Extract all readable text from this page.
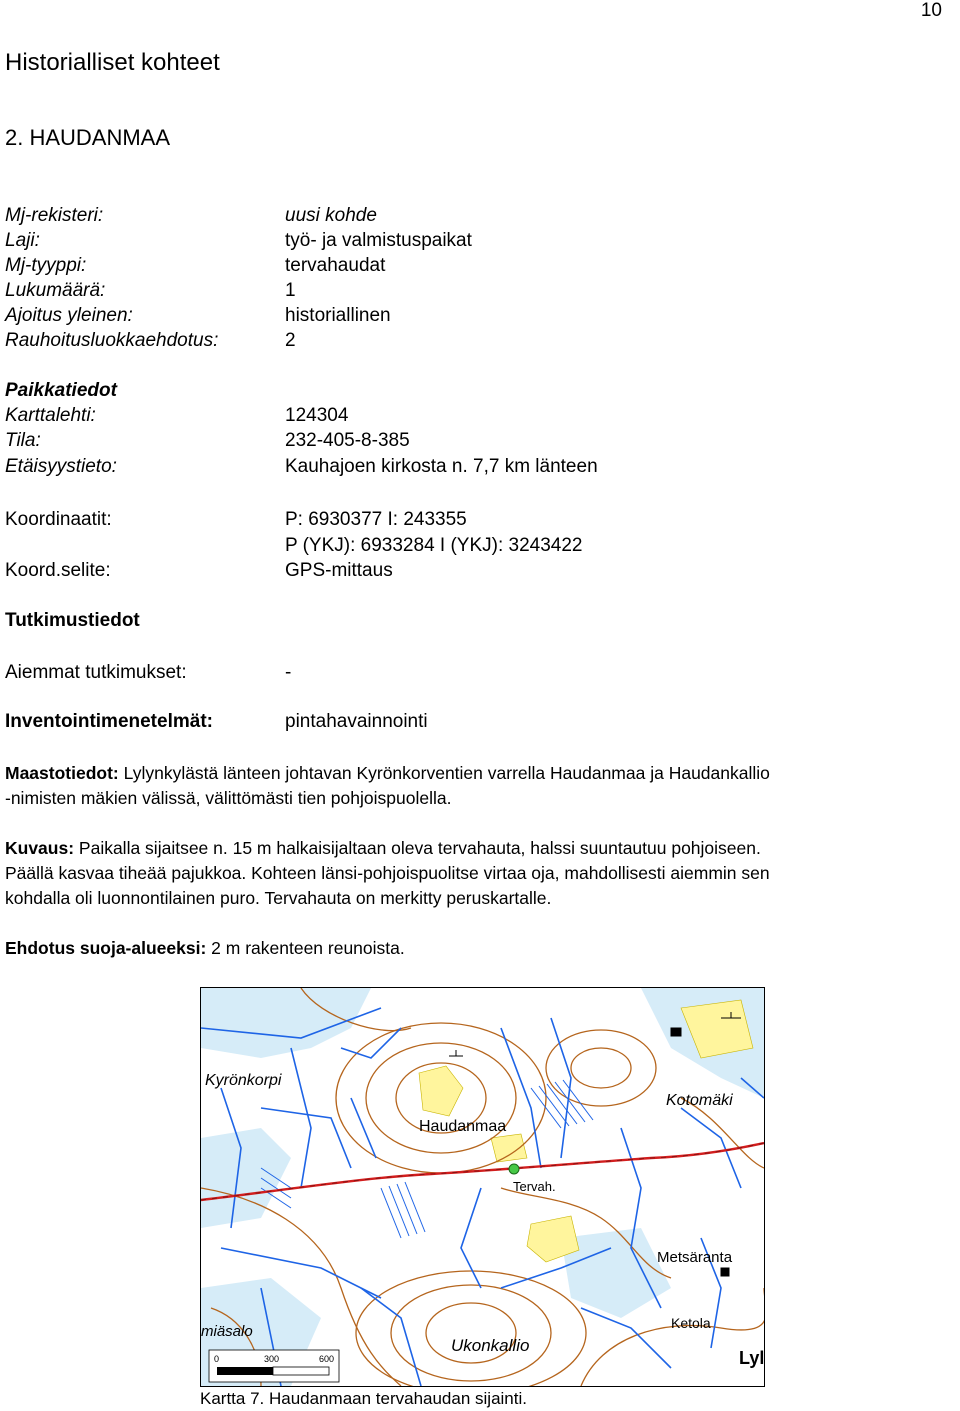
10
Historialliset kohteet
2. HAUDANMAA
Mj-rekisteri:	uusi kohde
Laji:	työ- ja valmistuspaikat
Mj-tyyppi:	tervahaudat
Lukumäärä:	1
Ajoitus yleinen:	historiallinen
Rauhoitusluokkaehdotus:	2
Paikkatiedot
Karttalehti:	124304
Tila:	232-405-8-385
Etäisyystieto:	Kauhajoen kirkosta n. 7,7 km länteen
Koordinaatit:	P: 6930377 I: 243355
P (YKJ): 6933284 I (YKJ): 3243422
Koord.selite:	GPS-mittaus
Tutkimustiedot
Aiemmat tutkimukset:	-
Inventointimenetelmät:	pintahavainnointi
Maastotiedot: Lylynkylästä länteen johtavan Kyrönkorventien varrella Haudanmaa ja Haudankallio
-nimisten mäkien välissä, välittömästi tien pohjoispuolella.
Kuvaus: Paikalla sijaitsee n. 15 m halkaisijaltaan oleva tervahauta, halssi suuntautuu pohjoiseen.
Päällä kasvaa tiheää pajukkoa. Kohteen länsi-pohjoispuolitse virtaa oja, mahdollisesti aiemmin sen
kohdalla oli luonnontilainen puro. Tervahauta on merkitty peruskartalle.
Ehdotus suoja-alueeksi: 2 m rakenteen reunoista.
Kyrönkorpi
Kotomäki
Haudanmaa
Tervah.
Metsäranta
Ketola
miäsalo
Ukonkallio
Lyl
0	300	600
Kartta 7. Haudanmaan tervahaudan sijainti.
